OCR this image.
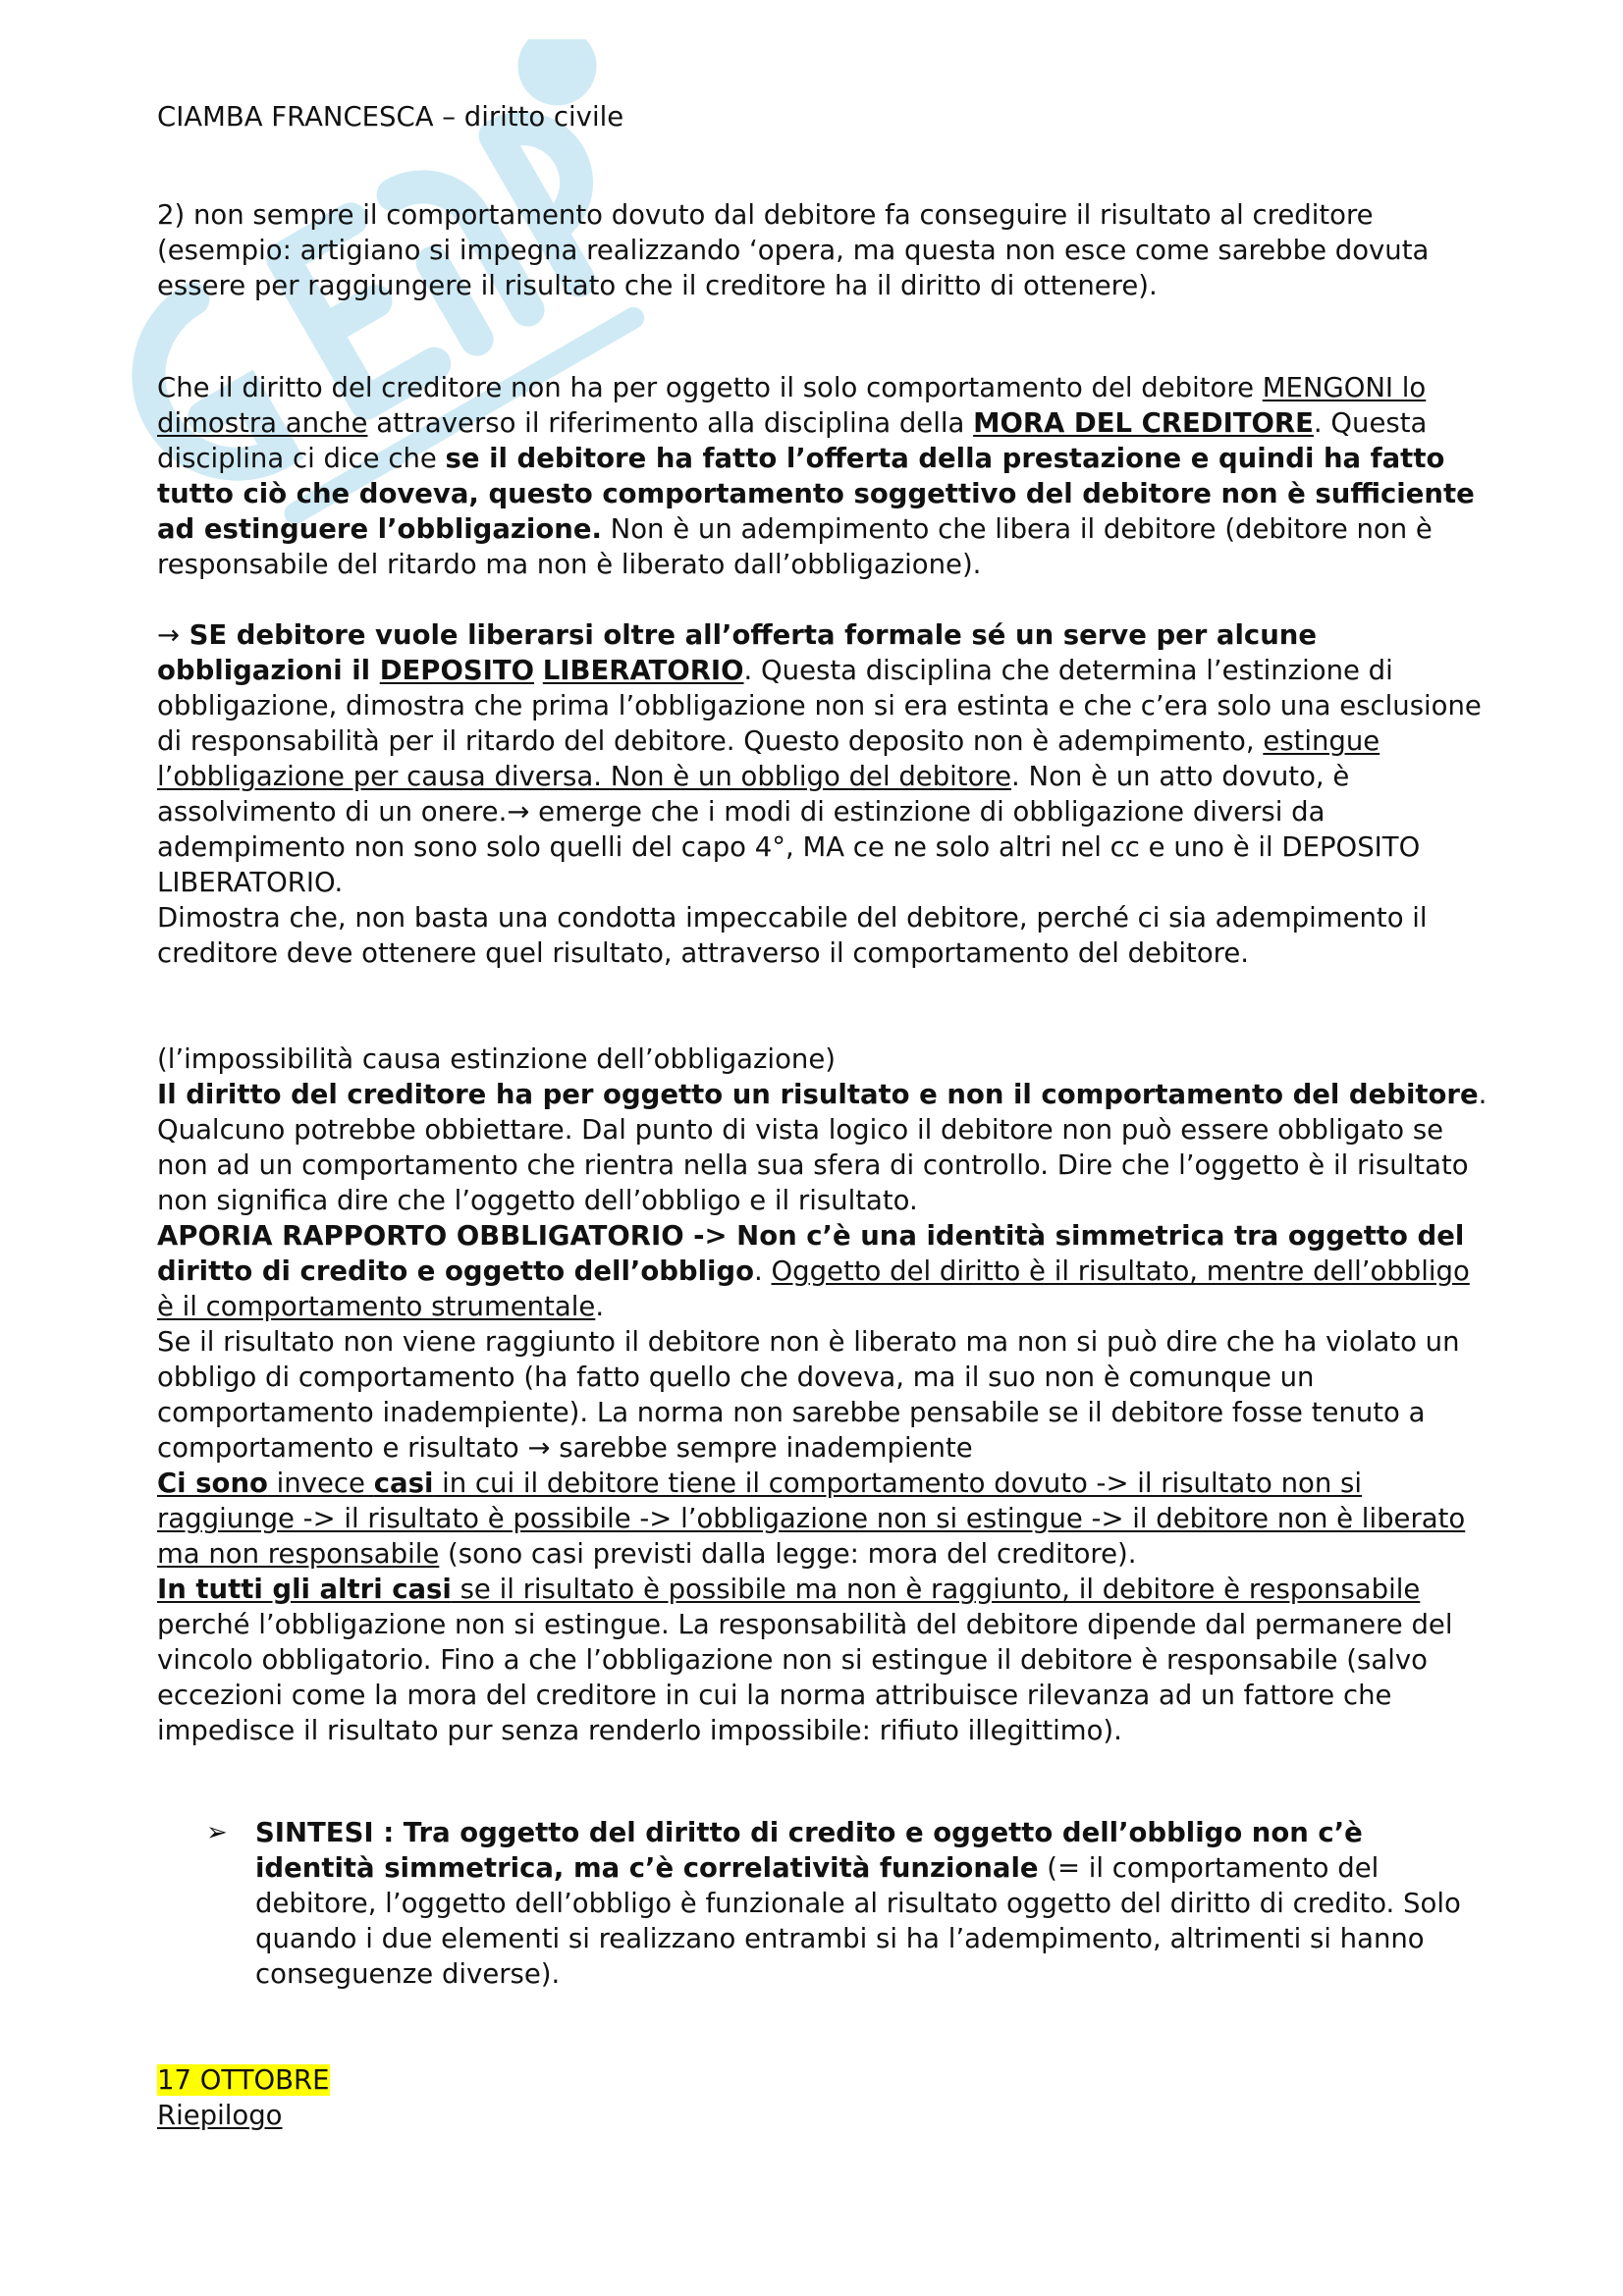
CIAMBA FRANCESCA – diritto civile

2) non sempre il comportamento dovuto dal debitore fa conseguire il risultato al creditore (esempio: artigiano si impegna realizzando ‘opera, ma questa non esce come sarebbe dovuta essere per raggiungere il risultato che il creditore ha il diritto di ottenere).

Che il diritto del creditore non ha per oggetto il solo comportamento del debitore MENGONI lo dimostra anche attraverso il riferimento alla disciplina della MORA DEL CREDITORE. Questa disciplina ci dice che se il debitore ha fatto l’offerta della prestazione e quindi ha fatto tutto ciò che doveva, questo comportamento soggettivo del debitore non è sufficiente ad estinguere l’obbligazione. Non è un adempimento che libera il debitore (debitore non è responsabile del ritardo ma non è liberato dall’obbligazione).

→ SE debitore vuole liberarsi oltre all’offerta formale sé un serve per alcune obbligazioni il DEPOSITO LIBERATORIO. Questa disciplina che determina l’estinzione di obbligazione, dimostra che prima l’obbligazione non si era estinta e che c’era solo una esclusione di responsabilità per il ritardo del debitore. Questo deposito non è adempimento, estingue l’obbligazione per causa diversa. Non è un obbligo del debitore. Non è un atto dovuto, è assolvimento di un onere.→ emerge che i modi di estinzione di obbligazione diversi da adempimento non sono solo quelli del capo 4°, MA ce ne solo altri nel cc e uno è il DEPOSITO LIBERATORIO.

Dimostra che, non basta una condotta impeccabile del debitore, perché ci sia adempimento il creditore deve ottenere quel risultato, attraverso il comportamento del debitore.

(l’impossibilità causa estinzione dell’obbligazione)

Il diritto del creditore ha per oggetto un risultato e non il comportamento del debitore. Qualcuno potrebbe obbiettare. Dal punto di vista logico il debitore non può essere obbligato se non ad un comportamento che rientra nella sua sfera di controllo. Dire che l’oggetto è il risultato non significa dire che l’oggetto dell’obbligo e il risultato.

APORIA RAPPORTO OBBLIGATORIO -> Non c’è una identità simmetrica tra oggetto del diritto di credito e oggetto dell’obbligo. Oggetto del diritto è il risultato, mentre dell’obbligo è il comportamento strumentale.

Se il risultato non viene raggiunto il debitore non è liberato ma non si può dire che ha violato un obbligo di comportamento (ha fatto quello che doveva, ma il suo non è comunque un comportamento inadempiente). La norma non sarebbe pensabile se il debitore fosse tenuto a comportamento e risultato → sarebbe sempre inadempiente

Ci sono invece casi in cui il debitore tiene il comportamento dovuto -> il risultato non si raggiunge -> il risultato è possibile -> l’obbligazione non si estingue -> il debitore non è liberato ma non responsabile (sono casi previsti dalla legge: mora del creditore).

In tutti gli altri casi se il risultato è possibile ma non è raggiunto, il debitore è responsabile perché l’obbligazione non si estingue. La responsabilità del debitore dipende dal permanere del vincolo obbligatorio. Fino a che l’obbligazione non si estingue il debitore è responsabile (salvo eccezioni come la mora del creditore in cui la norma attribuisce rilevanza ad un fattore che impedisce il risultato pur senza renderlo impossibile: rifiuto illegittimo).

➢ SINTESI : Tra oggetto del diritto di credito e oggetto dell’obbligo non c’è identità simmetrica, ma c’è correlatività funzionale (= il comportamento del debitore, l’oggetto dell’obbligo è funzionale al risultato oggetto del diritto di credito. Solo quando i due elementi si realizzano entrambi si ha l’adempimento, altrimenti si hanno conseguenze diverse).

17 OTTOBRE

Riepilogo
